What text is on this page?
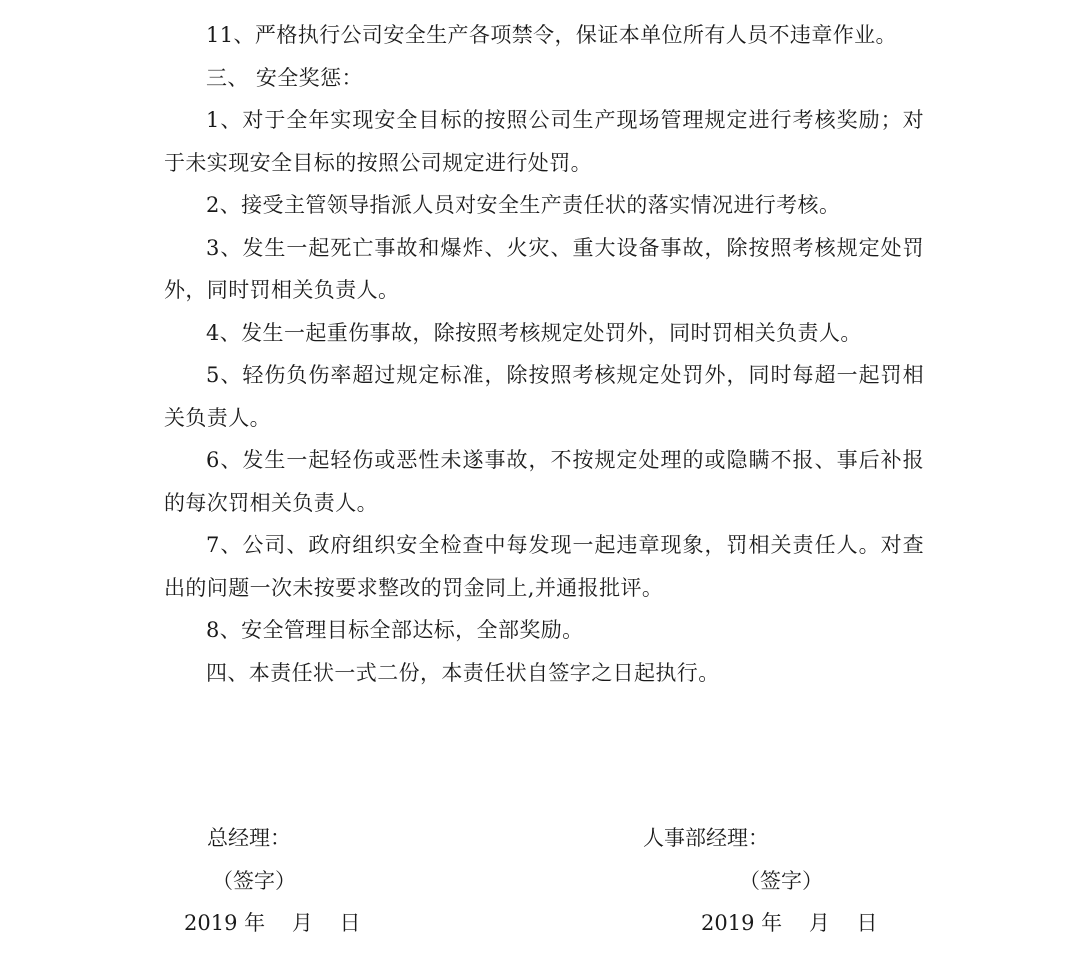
11、严格执行公司安全生产各项禁令，保证本单位所有人员不违章作业。

三、 安全奖惩：

1、对于全年实现安全目标的按照公司生产现场管理规定进行考核奖励；对于未实现安全目标的按照公司规定进行处罚。

2、接受主管领导指派人员对安全生产责任状的落实情况进行考核。

3、发生一起死亡事故和爆炸、火灾、重大设备事故，除按照考核规定处罚外，同时罚相关负责人。

4、发生一起重伤事故，除按照考核规定处罚外，同时罚相关负责人。

5、轻伤负伤率超过规定标准，除按照考核规定处罚外，同时每超一起罚相关负责人。

6、发生一起轻伤或恶性未遂事故，不按规定处理的或隐瞒不报、事后补报的每次罚相关负责人。

7、公司、政府组织安全检查中每发现一起违章现象，罚相关责任人。对查出的问题一次未按要求整改的罚金同上,并通报批评。

8、安全管理目标全部达标，全部奖励。

四、本责任状一式二份，本责任状自签字之日起执行。

总经理：
（签字）
2019 年    月    日
人事部经理：
（签字）
2019 年    月    日
